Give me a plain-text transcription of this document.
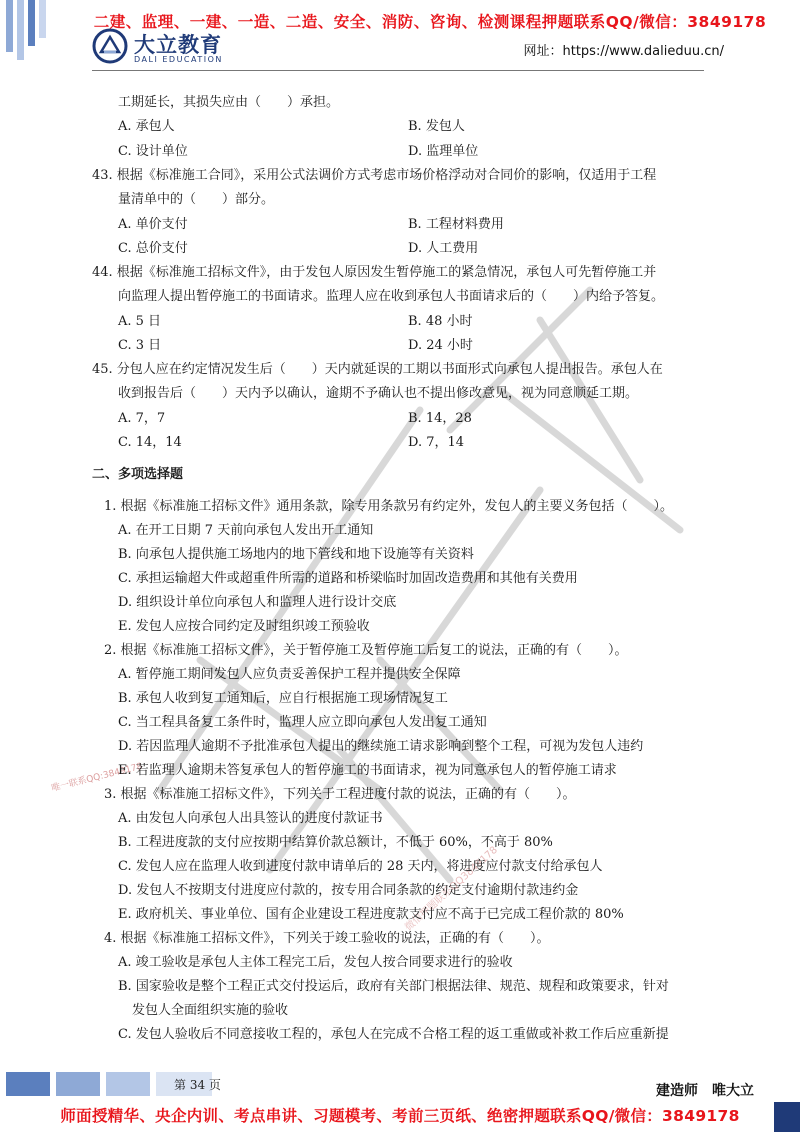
二建、监理、一建、一造、二造、安全、消防、咨询、检测课程押题联系QQ/微信：3849178
大立教育
DALI EDUCATION
网址：https://www.dalieduu.cn/
唯一联系QQ:3849178
微信押题联系QQ3849178
工期延长，其损失应由（　　）承担。
A. 承包人	B. 发包人
C. 设计单位	D. 监理单位
43. 根据《标准施工合同》，采用公式法调价方式考虑市场价格浮动对合同价的影响，仅适用于工程
量清单中的（　　）部分。
A. 单价支付	B. 工程材料费用
C. 总价支付	D. 人工费用
44. 根据《标准施工招标文件》，由于发包人原因发生暂停施工的紧急情况，承包人可先暂停施工并
向监理人提出暂停施工的书面请求。监理人应在收到承包人书面请求后的（　　）内给予答复。
A. 5 日	B. 48 小时
C. 3 日	D. 24 小时
45. 分包人应在约定情况发生后（　　）天内就延误的工期以书面形式向承包人提出报告。承包人在
收到报告后（　　）天内予以确认，逾期不予确认也不提出修改意见，视为同意顺延工期。
A. 7，7	B. 14，28
C. 14，14	D. 7，14
二、多项选择题
1. 根据《标准施工招标文件》通用条款，除专用条款另有约定外，发包人的主要义务包括（　　）。
A. 在开工日期 7 天前向承包人发出开工通知
B. 向承包人提供施工场地内的地下管线和地下设施等有关资料
C. 承担运输超大件或超重件所需的道路和桥梁临时加固改造费用和其他有关费用
D. 组织设计单位向承包人和监理人进行设计交底
E. 发包人应按合同约定及时组织竣工预验收
2. 根据《标准施工招标文件》，关于暂停施工及暂停施工后复工的说法，正确的有（　　）。
A. 暂停施工期间发包人应负责妥善保护工程并提供安全保障
B. 承包人收到复工通知后，应自行根据施工现场情况复工
C. 当工程具备复工条件时，监理人应立即向承包人发出复工通知
D. 若因监理人逾期不予批准承包人提出的继续施工请求影响到整个工程，可视为发包人违约
E. 若监理人逾期未答复承包人的暂停施工的书面请求，视为同意承包人的暂停施工请求
3. 根据《标准施工招标文件》，下列关于工程进度付款的说法，正确的有（　　）。
A. 由发包人向承包人出具签认的进度付款证书
B. 工程进度款的支付应按期中结算价款总额计，不低于 60%，不高于 80%
C. 发包人应在监理人收到进度付款申请单后的 28 天内，将进度应付款支付给承包人
D. 发包人不按期支付进度应付款的，按专用合同条款的约定支付逾期付款违约金
E. 政府机关、事业单位、国有企业建设工程进度款支付应不高于已完成工程价款的 80%
4. 根据《标准施工招标文件》，下列关于竣工验收的说法，正确的有（　　）。
A. 竣工验收是承包人主体工程完工后，发包人按合同要求进行的验收
B. 国家验收是整个工程正式交付投运后，政府有关部门根据法律、规范、规程和政策要求，针对
发包人全面组织实施的验收
C. 发包人验收后不同意接收工程的，承包人在完成不合格工程的返工重做或补救工作后应重新提
第 34 页	建造师　唯大立
师面授精华、央企内训、考点串讲、习题模考、考前三页纸、绝密押题联系QQ/微信：3849178
